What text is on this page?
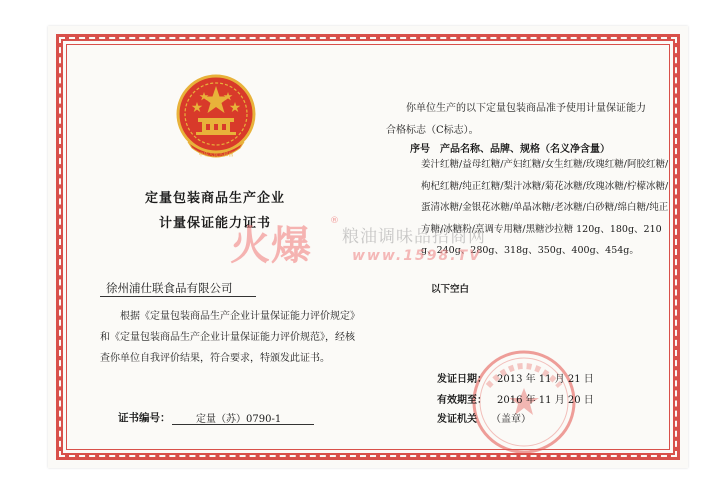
中华人民共和国
定量包装商品生产企业
计量保证能力证书
徐州浦仕联食品有限公司

根据《定量包装商品生产企业计量保证能力评价规定》和《定量包装商品生产企业计量保证能力评价规范》，经核查你单位自我评价结果，符合要求，特颁发此证书。

证书编号：	定量（苏）0790-1

你单位生产的以下定量包装商品准予使用计量保证能力合格标志（C标志）。

序号　产品名称、品牌、规格（名义净含量）
姜汁红糖/益母红糖/产妇红糖/女生红糖/玫瑰红糖/阿胶红糖/枸杞红糖/纯正红糖/梨汁冰糖/菊花冰糖/玫瑰冰糖/柠檬冰糖/蛋清冰糖/金银花冰糖/单晶冰糖/老冰糖/白砂糖/绵白糖/纯正方糖/冰糖粉/烹调专用糖/黑糖沙拉糖 120g、180g、210g、240g、280g、318g、350g、400g、454g。
以下空白
发证日期： 2013 年 11 月 21 日
有效期至： 2016 年 11 月 20 日
发证机关 （盖章）
火爆
®
粮油调味品招商网
www.1598.TV
